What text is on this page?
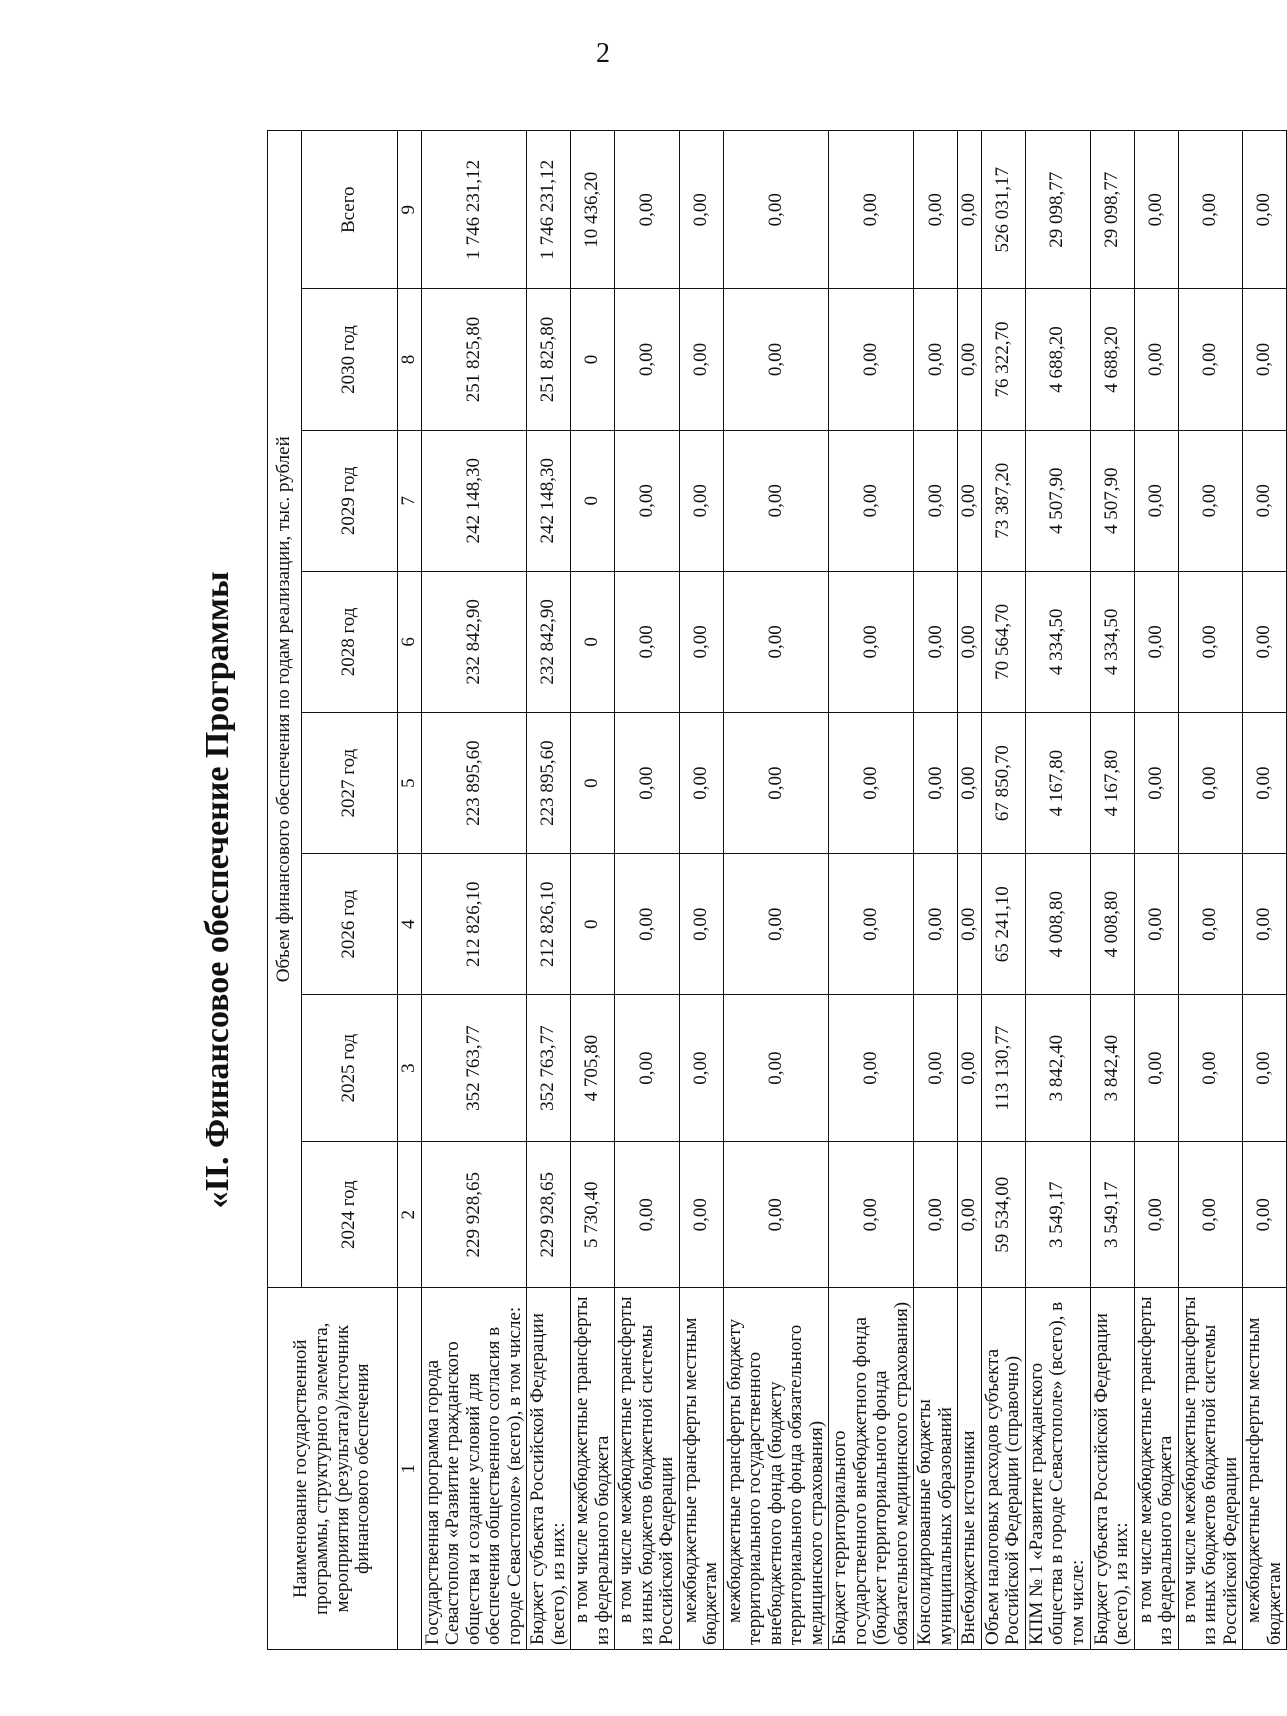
2
«II. Финансовое обеспечение Программы
Наименование государственной программы, структурного элемента, мероприятия (результата)/источник финансового обеспечения	Объем финансового обеспечения по годам реализации, тыс. рублей							
	2024 год	2025 год	2026 год	2027 год	2028 год	2029 год	2030 год	Всего
1	2	3	4	5	6	7	8	9
Государственная программа города Севастополя «Развитие гражданского общества и создание условий для обеспечения общественного согласия в городе Севастополе» (всего), в том числе:	229 928,65	352 763,77	212 826,10	223 895,60	232 842,90	242 148,30	251 825,80	1 746 231,12
Бюджет субъекта Российской Федерации (всего), из них:	229 928,65	352 763,77	212 826,10	223 895,60	232 842,90	242 148,30	251 825,80	1 746 231,12
в том числе межбюджетные трансферты из федерального бюджета	5 730,40	4 705,80	0	0	0	0	0	10 436,20
в том числе межбюджетные трансферты из иных бюджетов бюджетной системы Российской Федерации	0,00	0,00	0,00	0,00	0,00	0,00	0,00	0,00
межбюджетные трансферты местным бюджетам	0,00	0,00	0,00	0,00	0,00	0,00	0,00	0,00
межбюджетные трансферты бюджету территориального государственного внебюджетного фонда (бюджету территориального фонда обязательного медицинского страхования)	0,00	0,00	0,00	0,00	0,00	0,00	0,00	0,00
Бюджет территориального государственного внебюджетного фонда (бюджет территориального фонда обязательного медицинского страхования)	0,00	0,00	0,00	0,00	0,00	0,00	0,00	0,00
Консолидированные бюджеты муниципальных образований	0,00	0,00	0,00	0,00	0,00	0,00	0,00	0,00
Внебюджетные источники	0,00	0,00	0,00	0,00	0,00	0,00	0,00	0,00
Объем налоговых расходов субъекта Российской Федерации (справочно)	59 534,00	113 130,77	65 241,10	67 850,70	70 564,70	73 387,20	76 322,70	526 031,17
КПМ № 1 «Развитие гражданского общества в городе Севастополе» (всего), в том числе:	3 549,17	3 842,40	4 008,80	4 167,80	4 334,50	4 507,90	4 688,20	29 098,77
Бюджет субъекта Российской Федерации (всего), из них:	3 549,17	3 842,40	4 008,80	4 167,80	4 334,50	4 507,90	4 688,20	29 098,77
в том числе межбюджетные трансферты из федерального бюджета	0,00	0,00	0,00	0,00	0,00	0,00	0,00	0,00
в том числе межбюджетные трансферты из иных бюджетов бюджетной системы Российской Федерации	0,00	0,00	0,00	0,00	0,00	0,00	0,00	0,00
межбюджетные трансферты местным бюджетам	0,00	0,00	0,00	0,00	0,00	0,00	0,00	0,00
